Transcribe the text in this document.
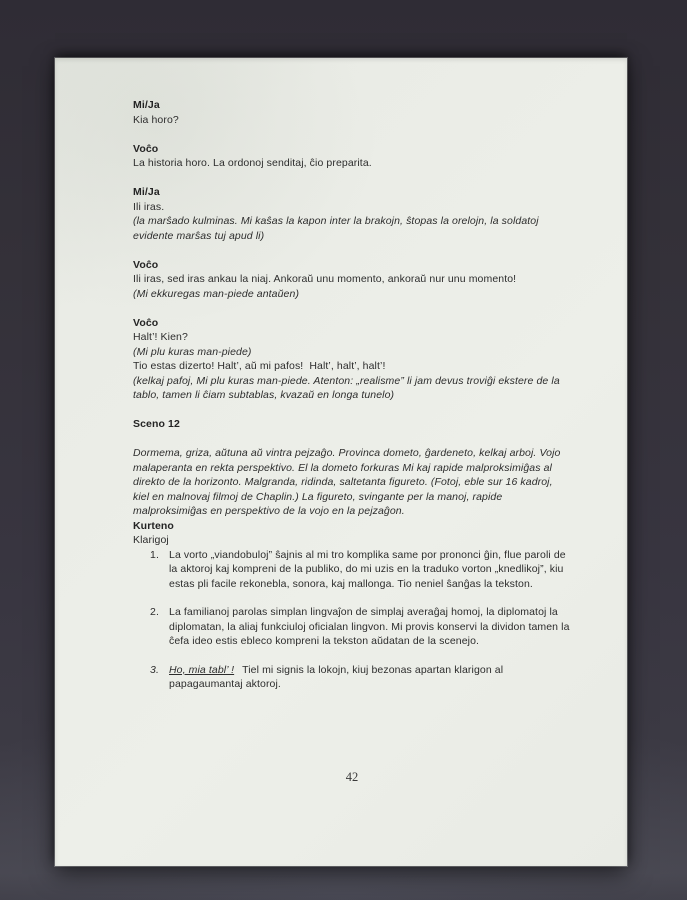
Mi/Ja

Kia horo?

Voĉo

La historia horo. La ordonoj senditaj, ĉio preparita.

Mi/Ja

Ili iras.

(la marŝado kulminas. Mi kaŝas la kapon inter la brakojn, ŝtopas la orelojn, la soldatoj evidente marŝas tuj apud li)

Voĉo

Ili iras, sed iras ankau la niaj. Ankoraŭ unu momento, ankoraŭ nur unu momento!

(Mi ekkuregas man-piede antaŭen)

Voĉo

Halt’! Kien?

(Mi plu kuras man-piede)

Tio estas dizerto! Halt’, aŭ mi pafos!  Halt’, halt’, halt’!

(kelkaj pafoj, Mi plu kuras man-piede. Atenton: „realisme” li jam devus troviĝi ekstere de la tablo, tamen li ĉiam subtablas, kvazaŭ en longa tunelo)

Sceno 12

Dormema, griza, aŭtuna aŭ vintra pejzaĝo. Provinca dometo, ĝardeneto, kelkaj arboj. Vojo malaperanta en rekta perspektivo. El la dometo forkuras Mi kaj rapide malproksimiĝas al direkto de la horizonto. Malgranda, ridinda, saltetanta figureto. (Fotoj, eble sur 16 kadroj, kiel en malnovaj filmoj de Chaplin.) La figureto, svingante per la manoj, rapide malproksimiĝas en perspektivo de la vojo en la pejzaĝon.

Kurteno

Klarigoj

1. La vorto „viandobuloj” ŝajnis al mi tro komplika same por prononci ĝin, flue paroli de la aktoroj kaj kompreni de la publiko, do mi uzis en la traduko vorton „knedlikoj”, kiu estas pli facile rekonebla, sonora, kaj mallonga. Tio neniel ŝanĝas la tekston.

2. La familianoj parolas simplan lingvaĵon de simplaj averaĝaj homoj, la diplomatoj la diplomatan, la aliaj funkciuloj oficialan lingvon. Mi provis konservi la dividon tamen la ĉefa ideo estis ebleco kompreni la tekston aŭdatan de la scenejo.

3. Ho, mia tabl’ ! Tiel mi signis la lokojn, kiuj bezonas apartan klarigon al papagaumantaj aktoroj.

42
